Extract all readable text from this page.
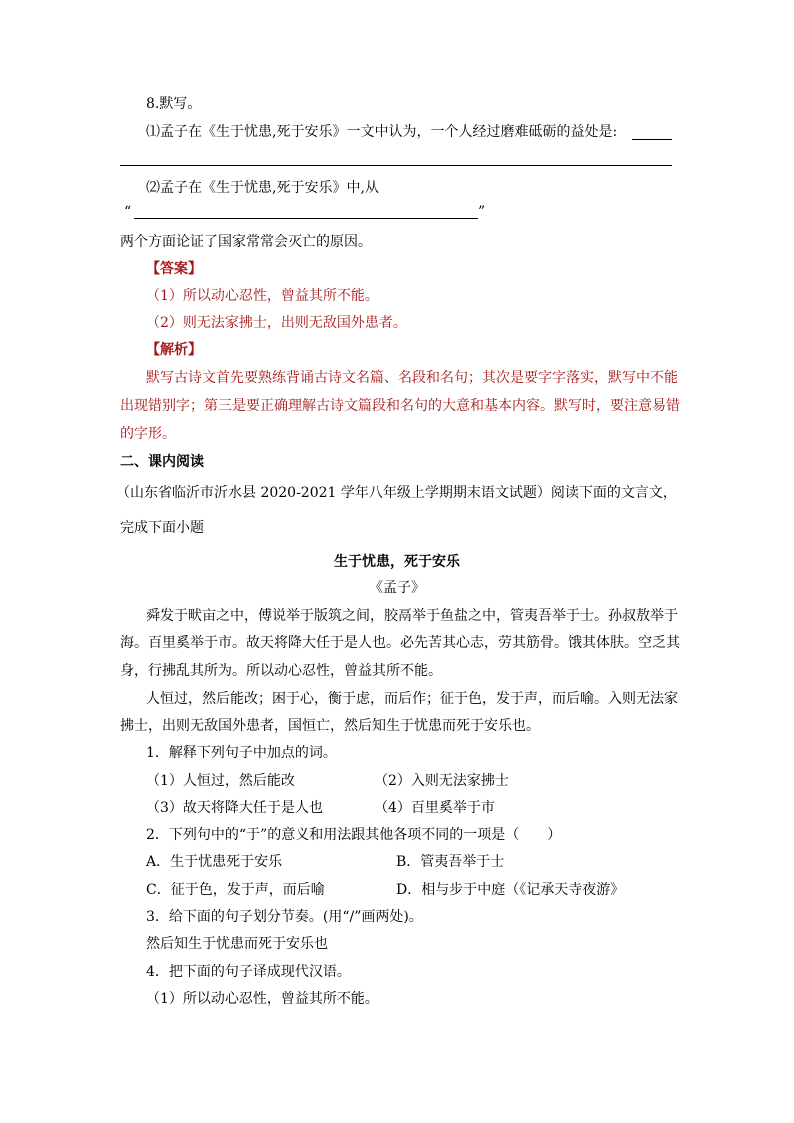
8.默写。
⑴孟子在《生于忧患,死于安乐》一文中认为，一个人经过磨难砥砺的益处是:
⑵孟子在《生于忧患,死于安乐》中,从
“	”
两个方面论证了国家常常会灭亡的原因。
【答案】
（1）所以动心忍性，曾益其所不能。
（2）则无法家拂士，出则无敌国外患者。
【解析】
默写古诗文首先要熟练背诵古诗文名篇、名段和名句；其次是要字字落实，默写中不能
出现错别字；第三是要正确理解古诗文篇段和名句的大意和基本内容。默写时，要注意易错
的字形。
二、课内阅读
（山东省临沂市沂水县 2020-2021 学年八年级上学期期末语文试题）阅读下面的文言文，
完成下面小题
生于忧患，死于安乐
《孟子》
舜发于畎亩之中，傅说举于版筑之间，胶鬲举于鱼盐之中，管夷吾举于士。孙叔敖举于
海。百里奚举于市。故天将降大任于是人也。必先苦其心志，劳其筋骨。饿其体肤。空乏其
身，行拂乱其所为。所以动心忍性，曾益其所不能。
人恒过，然后能改；困于心，衡于虑，而后作；征于色，发于声，而后喻。入则无法家
拂士，出则无敌国外患者，国恒亡，然后知生于忧患而死于安乐也。
1．解释下列句子中加点的词。
（1）人恒过，然后能改	（2）入则无法家拂士
（3）故天将降大任于是人也	（4）百里奚举于市
2．下列句中的“于”的意义和用法跟其他各项不同的一项是（　　）
A．生于忧患死于安乐	B．管夷吾举于士
C．征于色，发于声，而后喻	D．相与步于中庭（《记承天寺夜游》
3．给下面的句子划分节奏。(用“/”画两处)。
然后知生于忧患而死于安乐也
4．把下面的句子译成现代汉语。
（1）所以动心忍性，曾益其所不能。
